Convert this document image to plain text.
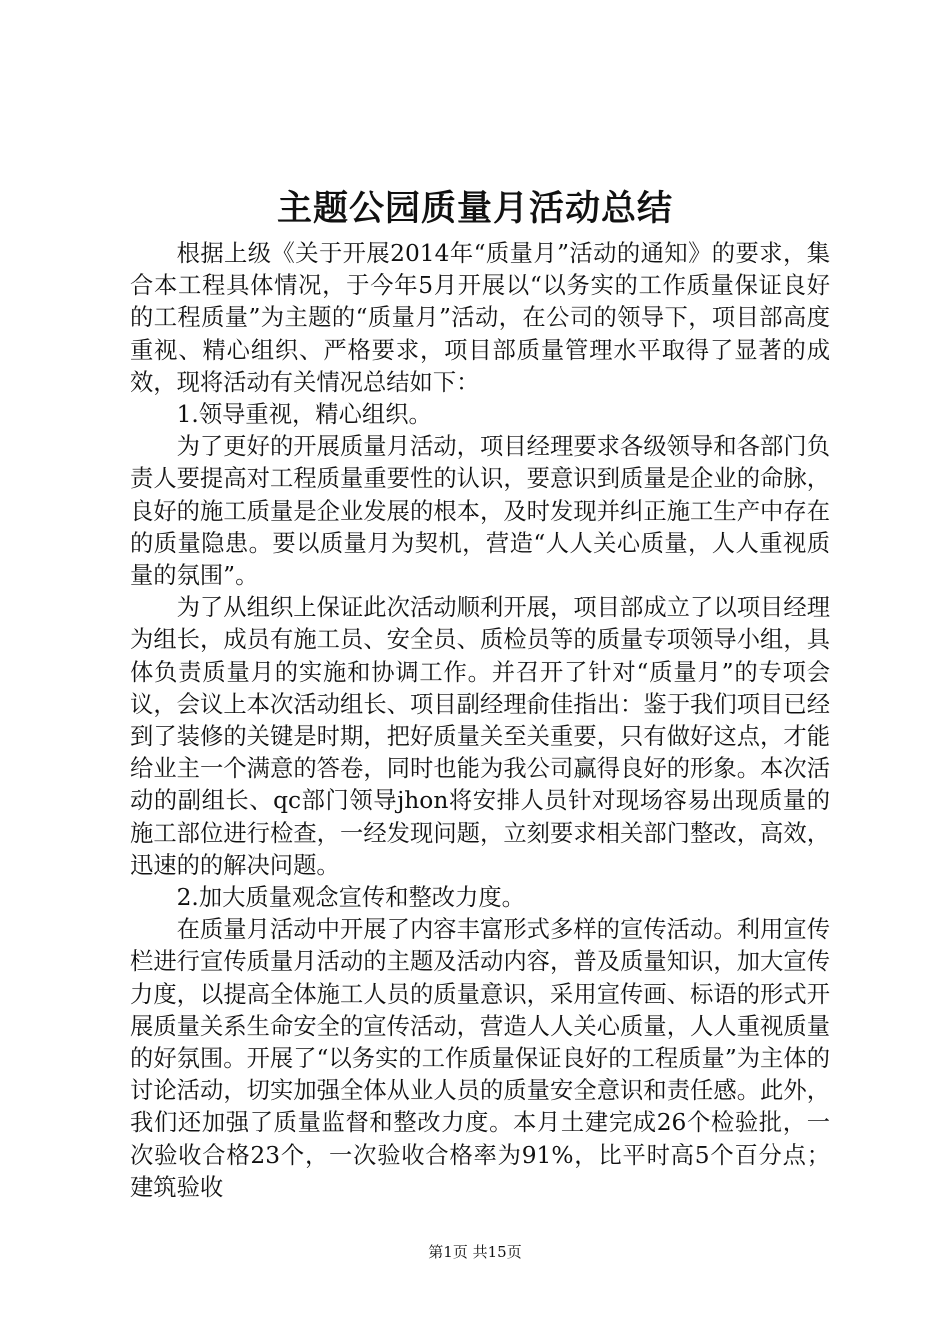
主题公园质量月活动总结

根据上级《关于开展2014年“质量月”活动的通知》的要求，集合本工程具体情况，于今年5月开展以“以务实的工作质量保证良好的工程质量”为主题的“质量月”活动，在公司的领导下，项目部高度重视、精心组织、严格要求，项目部质量管理水平取得了显著的成效，现将活动有关情况总结如下：

1.领导重视，精心组织。

为了更好的开展质量月活动，项目经理要求各级领导和各部门负责人要提高对工程质量重要性的认识，要意识到质量是企业的命脉，良好的施工质量是企业发展的根本，及时发现并纠正施工生产中存在的质量隐患。要以质量月为契机，营造“人人关心质量，人人重视质量的氛围”。

为了从组织上保证此次活动顺利开展，项目部成立了以项目经理为组长，成员有施工员、安全员、质检员等的质量专项领导小组，具体负责质量月的实施和协调工作。并召开了针对“质量月”的专项会议，会议上本次活动组长、项目副经理俞佳指出：鉴于我们项目已经到了装修的关键是时期，把好质量关至关重要，只有做好这点，才能给业主一个满意的答卷，同时也能为我公司赢得良好的形象。本次活动的副组长、qc部门领导jhon将安排人员针对现场容易出现质量的施工部位进行检查，一经发现问题，立刻要求相关部门整改，高效，迅速的的解决问题。

2.加大质量观念宣传和整改力度。

在质量月活动中开展了内容丰富形式多样的宣传活动。利用宣传栏进行宣传质量月活动的主题及活动内容，普及质量知识，加大宣传力度，以提高全体施工人员的质量意识，采用宣传画、标语的形式开展质量关系生命安全的宣传活动，营造人人关心质量，人人重视质量的好氛围。开展了“以务实的工作质量保证良好的工程质量”为主体的讨论活动，切实加强全体从业人员的质量安全意识和责任感。此外，我们还加强了质量监督和整改力度。本月土建完成26个检验批，一次验收合格23个，一次验收合格率为91%，比平时高5个百分点；建筑验收

第1页 共15页
